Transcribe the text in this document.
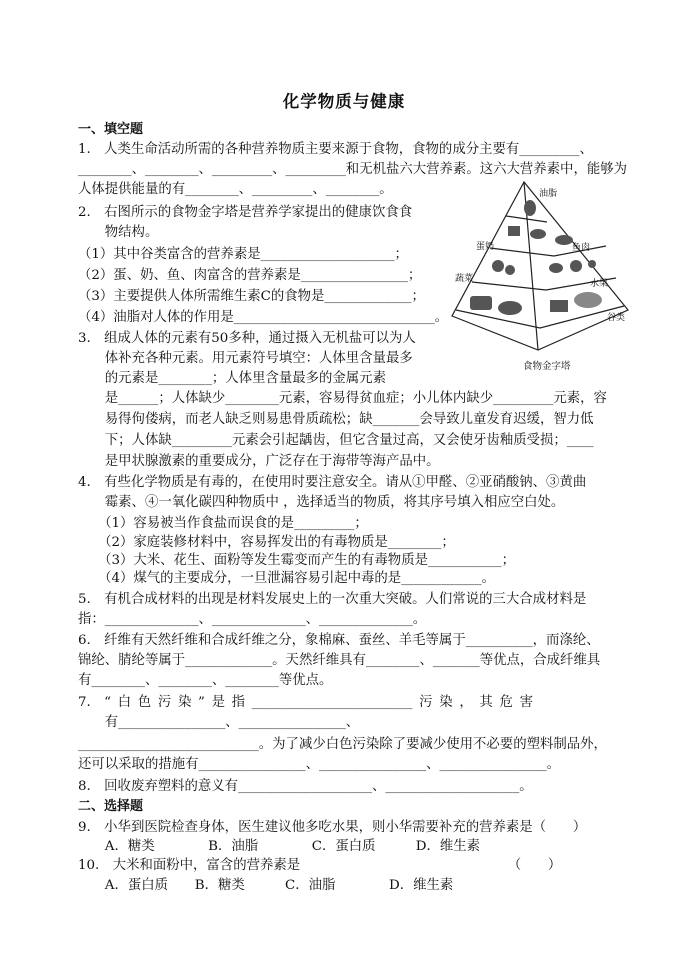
化学物质与健康
一、填空题
1.　人类生命活动所需的各种营养物质主要来源于食物，食物的成分主要有_________、
________、________、_________、_________和无机盐六大营养素。这六大营养素中，能够为
人体提供能量的有________、_________、________。
2.　右图所示的食物金字塔是营养学家提出的健康饮食食
　　物结构。
（1）其中谷类富含的营养素是____________________；
（2）蛋、奶、鱼、肉富含的营养素是________________；
（3）主要提供人体所需维生素C的食物是_____________；
（4）油脂对人体的作用是______________________________。
3.　组成人体的元素有50多种，通过摄入无机盐可以为人
　　体补充各种元素。用元素符号填空：人体里含量最多
　　的元素是________；人体里含量最多的金属元素
　　是______；人体缺少________元素，容易得贫血症；小儿体内缺少_________元素，容
　　易得佝偻病，而老人缺乏则易患骨质疏松；缺_______会导致儿童发育迟缓，智力低
　　下；人体缺_________元素会引起龋齿，但它含量过高，又会使牙齿釉质受损；____
　　是甲状腺激素的重要成分，广泛存在于海带等海产品中。
4.　有些化学物质是有毒的，在使用时要注意安全。请从①甲醛、②亚硝酸钠、③黄曲
　　霉素、④一氧化碳四种物质中 ，选择适当的物质，将其序号填入相应空白处。
　　（1）容易被当作食盐而误食的是_________；
　　（2）家庭装修材料中，容易挥发出的有毒物质是________；
　　（3）大米、花生、面粉等发生霉变而产生的有毒物质是___________；
　　（4）煤气的主要成分，一旦泄漏容易引起中毒的是____________。
5.　有机合成材料的出现是材料发展史上的一次重大突破。人们常说的三大合成材料是
指：______________、______________、______________。
6.　纤维有天然纤维和合成纤维之分，象棉麻、蚕丝、羊毛等属于__________，而涤纶、
锦纶、腈纶等属于_____________。天然纤维具有________、_______等优点，合成纤维具
有________、________、________等优点。
7.　“ 白 色 污 染 ” 是 指 ________________________ 污 染 ， 其 危 害
　　有________________、________________、
___________________________。为了减少白色污染除了要减少使用不必要的塑料制品外，
还可以采取的措施有________________、________________、________________。
8.　回收废弃塑料的意义有____________________、____________________。
二、选择题
9.　小华到医院检查身体，医生建议他多吃水果，则小华需要补充的营养素是（　　）
　　A．糖类　　　　B．油脂　　　　C．蛋白质　　　D．维生素
10.　大米和面粉中，富含的营养素是　　　　　　　　　　　　　　　　（　　）
　　A．蛋白质　　B．糖类　　　C．油脂　　　　D．维生素
油脂
蛋奶	鱼肉
蔬菜	水果
谷类
食物金字塔
